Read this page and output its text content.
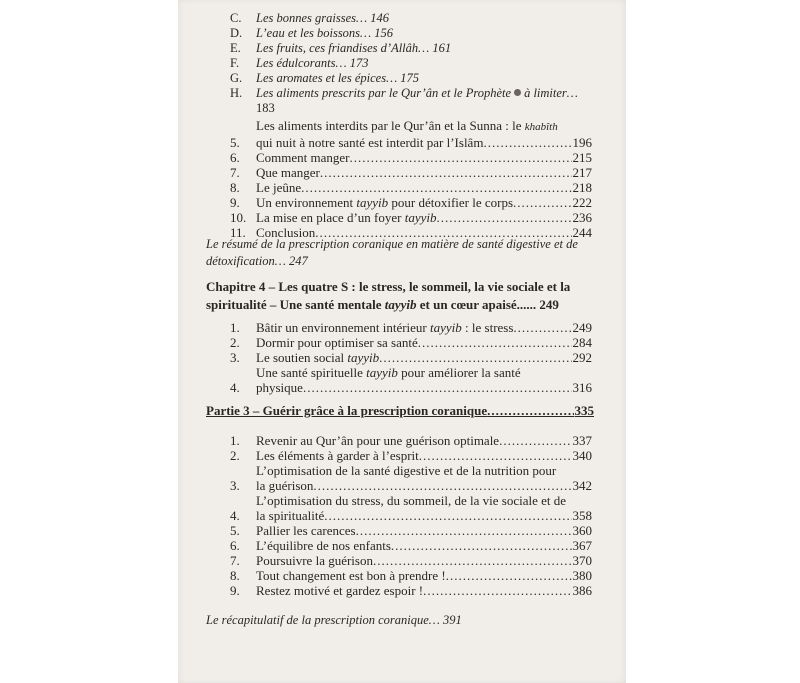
C.	Les bonnes graisses… 146
D.	L’eau et les boissons… 156
E.	Les fruits, ces friandises d’Allâh… 161
F.	Les édulcorants… 173
G.	Les aromates et les épices… 175
H.	Les aliments prescrits par le Qur’ân et le Prophète à limiter…
183
5.
Les aliments interdits par le Qur’ân et la Sunna : le khabîth
qui nuit à notre santé est interdit par l’Islâm .....	196
6.	Comment manger .....	215
7.	Que manger .....	217
8.	Le jeûne .....	218
9.	Un environnement tayyib pour détoxifier le corps .....	222
10. La mise en place d’un foyer tayyib .....	236
11. Conclusion .....	244
Le résumé de la prescription coranique en matière de santé digestive et de détoxification… 247
Chapitre 4 – Les quatre S : le stress, le sommeil, la vie sociale et la
spiritualité – Une santé mentale tayyib et un cœur apaisé...... 249
1.	Bâtir un environnement intérieur tayyib : le stress .....	249
2.	Dormir pour optimiser sa santé .....	284
3.	Le soutien social tayyib .....	292
4.
Une santé spirituelle tayyib pour améliorer la santé
physique .....	316
Partie 3 – Guérir grâce à la prescription coranique .....	335
1.	Revenir au Qur’ân pour une guérison optimale .....	337
2.	Les éléments à garder à l’esprit .....	340
3.
L’optimisation de la santé digestive et de la nutrition pour
la guérison .....	342
4.
L’optimisation du stress, du sommeil, de la vie sociale et de
la spiritualité .....	358
5.	Pallier les carences .....	360
6.	L’équilibre de nos enfants .....	367
7.	Poursuivre la guérison .....	370
8.	Tout changement est bon à prendre ! .....	380
9.	Restez motivé et gardez espoir ! .....	386
Le récapitulatif de la prescription coranique… 391
